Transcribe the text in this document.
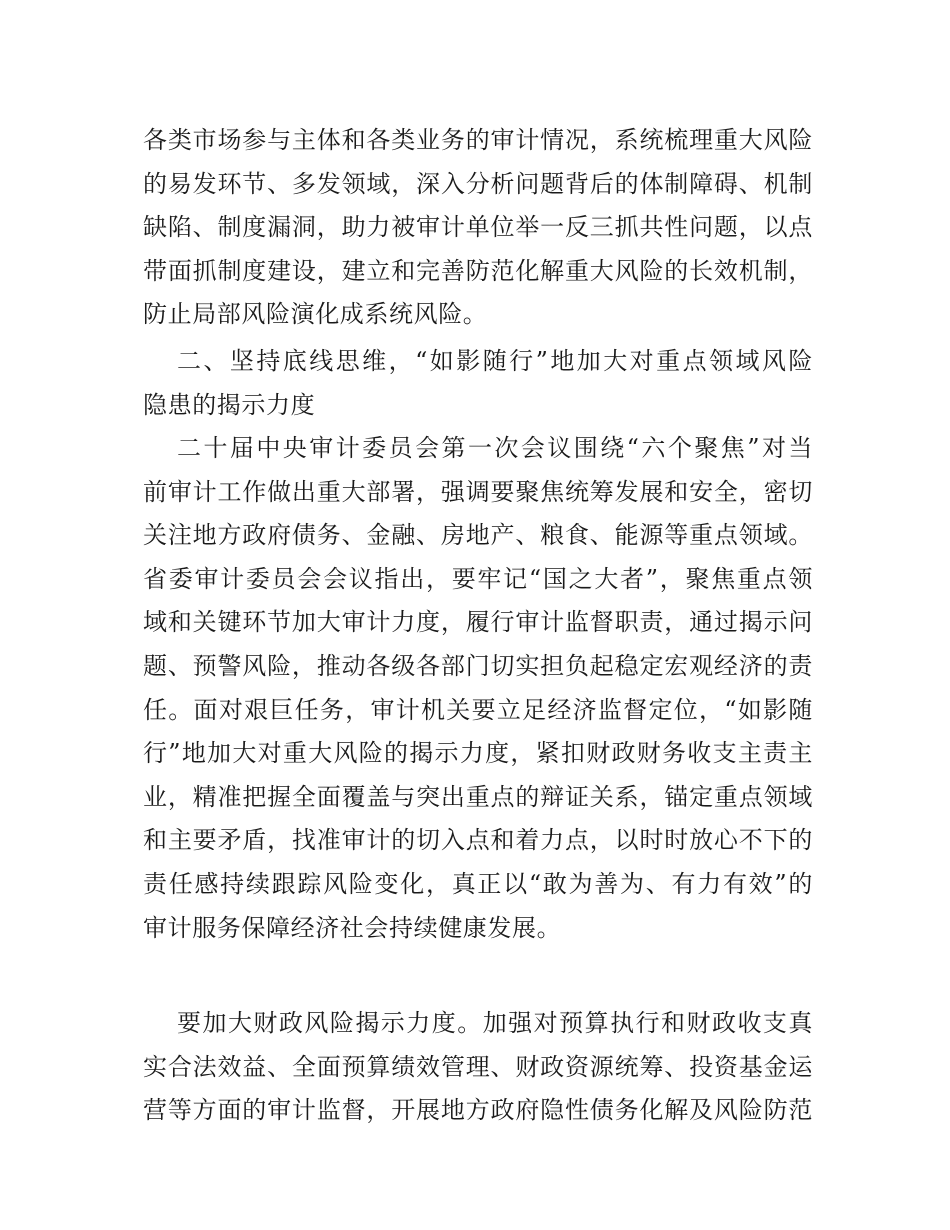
各类市场参与主体和各类业务的审计情况，系统梳理重大风险
的易发环节、多发领域，深入分析问题背后的体制障碍、机制
缺陷、制度漏洞，助力被审计单位举一反三抓共性问题，以点
带面抓制度建设，建立和完善防范化解重大风险的长效机制，
防止局部风险演化成系统风险。
二、坚持底线思维，“如影随行”地加大对重点领域风险
隐患的揭示力度
二十届中央审计委员会第一次会议围绕“六个聚焦”对当
前审计工作做出重大部署，强调要聚焦统筹发展和安全，密切
关注地方政府债务、金融、房地产、粮食、能源等重点领域。
省委审计委员会会议指出，要牢记“国之大者”，聚焦重点领
域和关键环节加大审计力度，履行审计监督职责，通过揭示问
题、预警风险，推动各级各部门切实担负起稳定宏观经济的责
任。面对艰巨任务，审计机关要立足经济监督定位，“如影随
行”地加大对重大风险的揭示力度，紧扣财政财务收支主责主
业，精准把握全面覆盖与突出重点的辩证关系，锚定重点领域
和主要矛盾，找准审计的切入点和着力点，以时时放心不下的
责任感持续跟踪风险变化，真正以“敢为善为、有力有效”的
审计服务保障经济社会持续健康发展。
要加大财政风险揭示力度。加强对预算执行和财政收支真
实合法效益、全面预算绩效管理、财政资源统筹、投资基金运
营等方面的审计监督，开展地方政府隐性债务化解及风险防范
